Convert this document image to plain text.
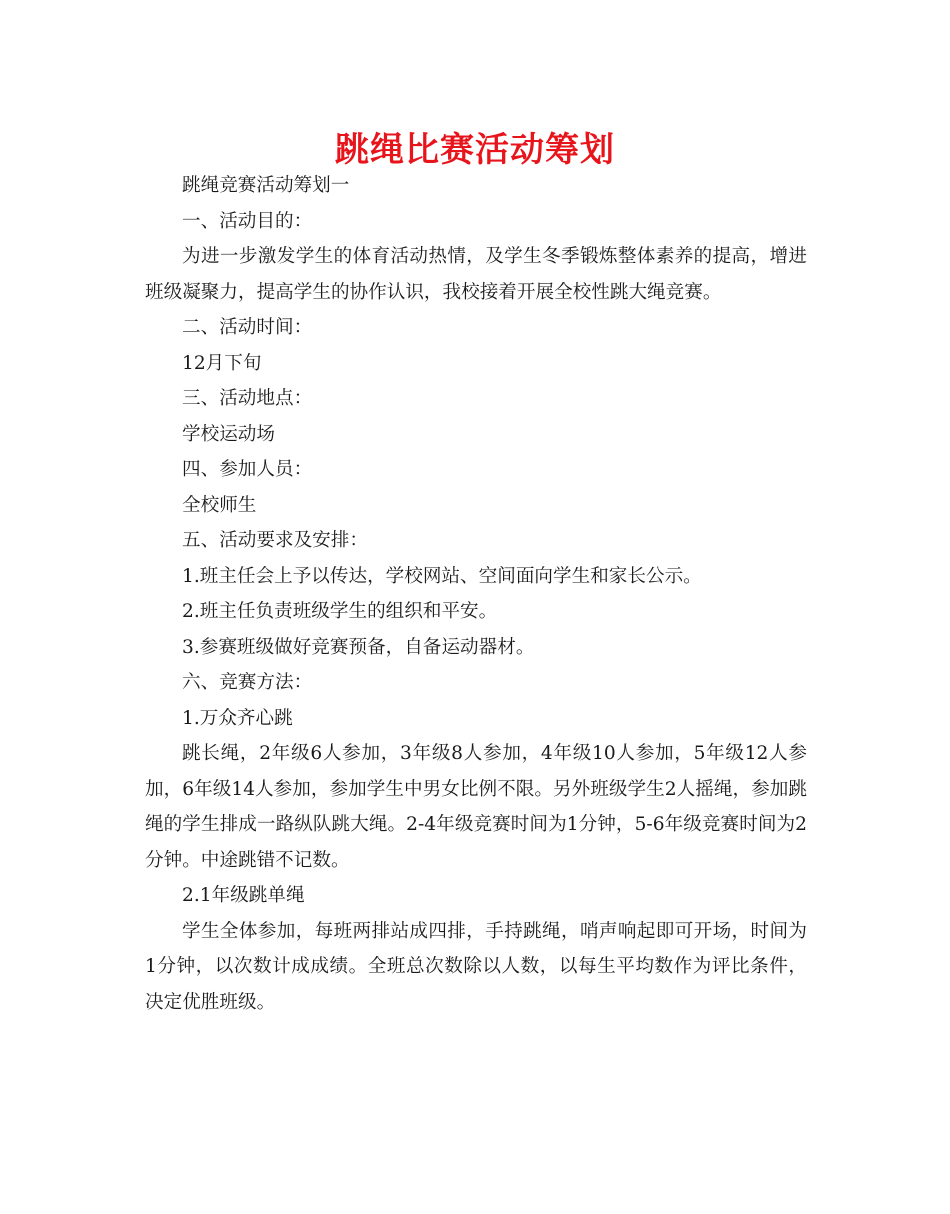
跳绳比赛活动筹划

跳绳竞赛活动筹划一

一、活动目的：

为进一步激发学生的体育活动热情，及学生冬季锻炼整体素养的提高，增进班级凝聚力，提高学生的协作认识，我校接着开展全校性跳大绳竞赛。

二、活动时间：

12月下旬

三、活动地点：

学校运动场

四、参加人员：

全校师生

五、活动要求及安排：

1.班主任会上予以传达，学校网站、空间面向学生和家长公示。

2.班主任负责班级学生的组织和平安。

3.参赛班级做好竞赛预备，自备运动器材。

六、竞赛方法：

1.万众齐心跳

跳长绳，2年级6人参加，3年级8人参加，4年级10人参加，5年级12人参加，6年级14人参加，参加学生中男女比例不限。另外班级学生2人摇绳，参加跳绳的学生排成一路纵队跳大绳。2-4年级竞赛时间为1分钟，5-6年级竞赛时间为2分钟。中途跳错不记数。

2.1年级跳单绳

学生全体参加，每班两排站成四排，手持跳绳，哨声响起即可开场，时间为1分钟，以次数计成成绩。全班总次数除以人数，以每生平均数作为评比条件，决定优胜班级。
